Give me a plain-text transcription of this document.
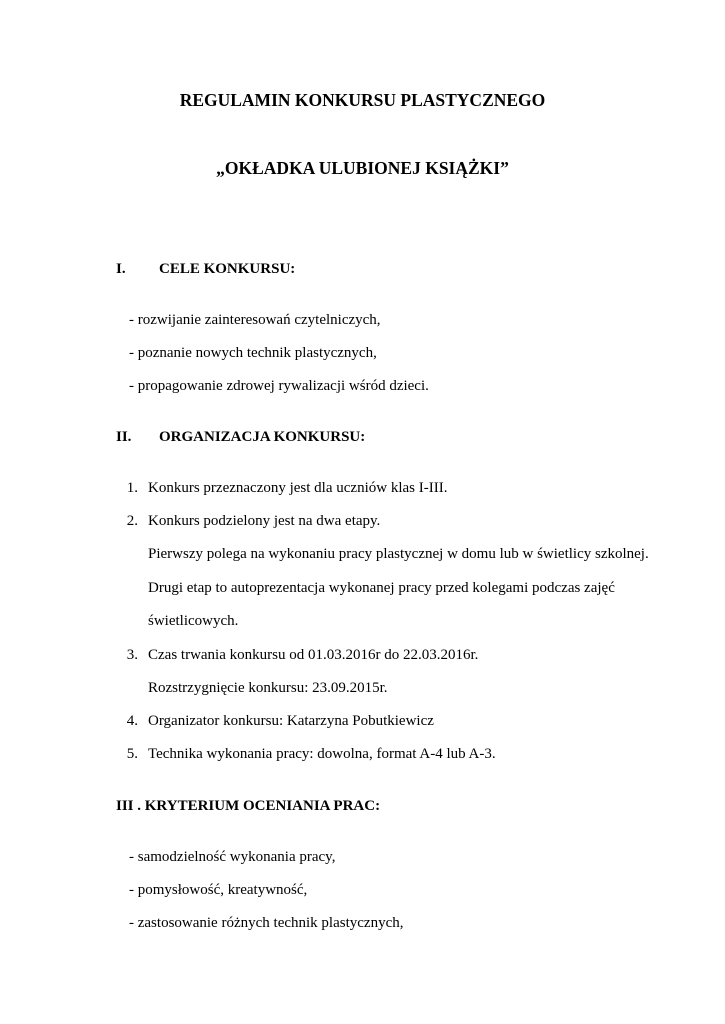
REGULAMIN KONKURSU PLASTYCZNEGO
„OKŁADKA ULUBIONEJ KSIĄŻKI”
I. CELE KONKURSU:
- rozwijanie zainteresowań czytelniczych,
- poznanie nowych technik plastycznych,
- propagowanie zdrowej rywalizacji wśród dzieci.
II. ORGANIZACJA KONKURSU:
1. Konkurs przeznaczony jest dla uczniów klas I-III.
2. Konkurs podzielony jest na dwa etapy.
Pierwszy polega na wykonaniu pracy plastycznej w domu lub w świetlicy szkolnej.
Drugi etap to autoprezentacja wykonanej pracy przed kolegami podczas zajęć
świetlicowych.
3. Czas trwania konkursu od 01.03.2016r do 22.03.2016r.
Rozstrzygnięcie konkursu: 23.09.2015r.
4. Organizator konkursu: Katarzyna Pobutkiewicz
5. Technika wykonania pracy: dowolna, format A-4 lub A-3.
III . KRYTERIUM OCENIANIA PRAC:
- samodzielność wykonania pracy,
- pomysłowość, kreatywność,
- zastosowanie różnych technik plastycznych,
